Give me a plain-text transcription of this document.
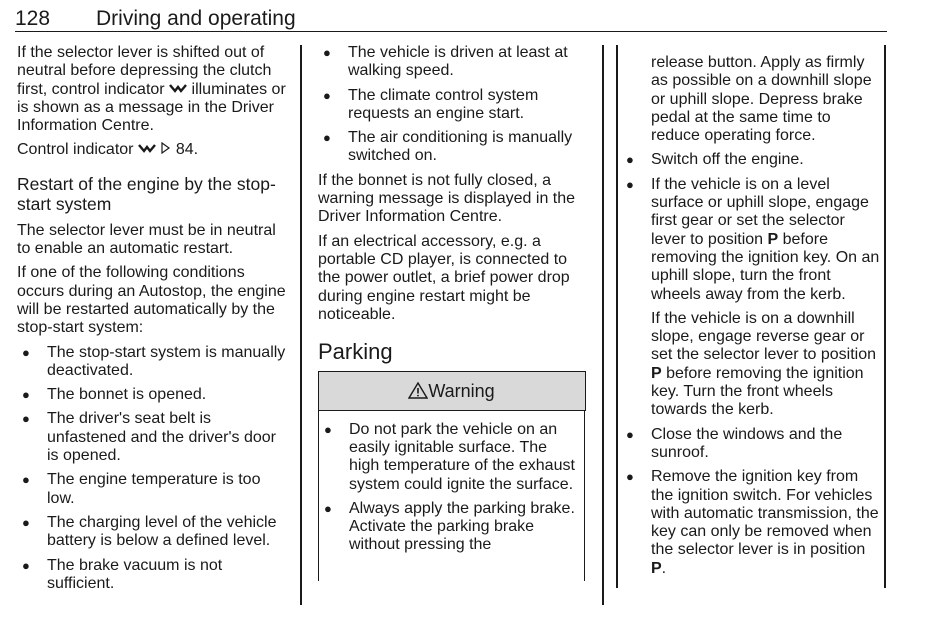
128 Driving and operating

If the selector lever is shifted out of neutral before depressing the clutch first, control indicator  illuminates or is shown as a message in the Driver Information Centre.

Control indicator   84.

Restart of the engine by the stop-start system

The selector lever must be in neutral to enable an automatic restart.

If one of the following conditions occurs during an Autostop, the engine will be restarted automatically by the stop-start system:

● The stop-start system is manually deactivated.
● The bonnet is opened.
● The driver's seat belt is unfastened and the driver's door is opened.
● The engine temperature is too low.
● The charging level of the vehicle battery is below a defined level.
● The brake vacuum is not sufficient.
● The vehicle is driven at least at walking speed.
● The climate control system requests an engine start.
● The air conditioning is manually switched on.

If the bonnet is not fully closed, a warning message is displayed in the Driver Information Centre.

If an electrical accessory, e.g. a portable CD player, is connected to the power outlet, a brief power drop during engine restart might be noticeable.

Parking
Warning
● Do not park the vehicle on an easily ignitable surface. The high temperature of the exhaust system could ignite the surface.
● Always apply the parking brake. Activate the parking brake without pressing the
release button. Apply as firmly as possible on a downhill slope or uphill slope. Depress brake pedal at the same time to reduce operating force.
● Switch off the engine.
● If the vehicle is on a level surface or uphill slope, engage first gear or set the selector lever to position P before removing the ignition key. On an uphill slope, turn the front wheels away from the kerb.
If the vehicle is on a downhill slope, engage reverse gear or set the selector lever to position P before removing the ignition key. Turn the front wheels towards the kerb.
● Close the windows and the sunroof.
● Remove the ignition key from the ignition switch. For vehicles with automatic transmission, the key can only be removed when the selector lever is in position P.
